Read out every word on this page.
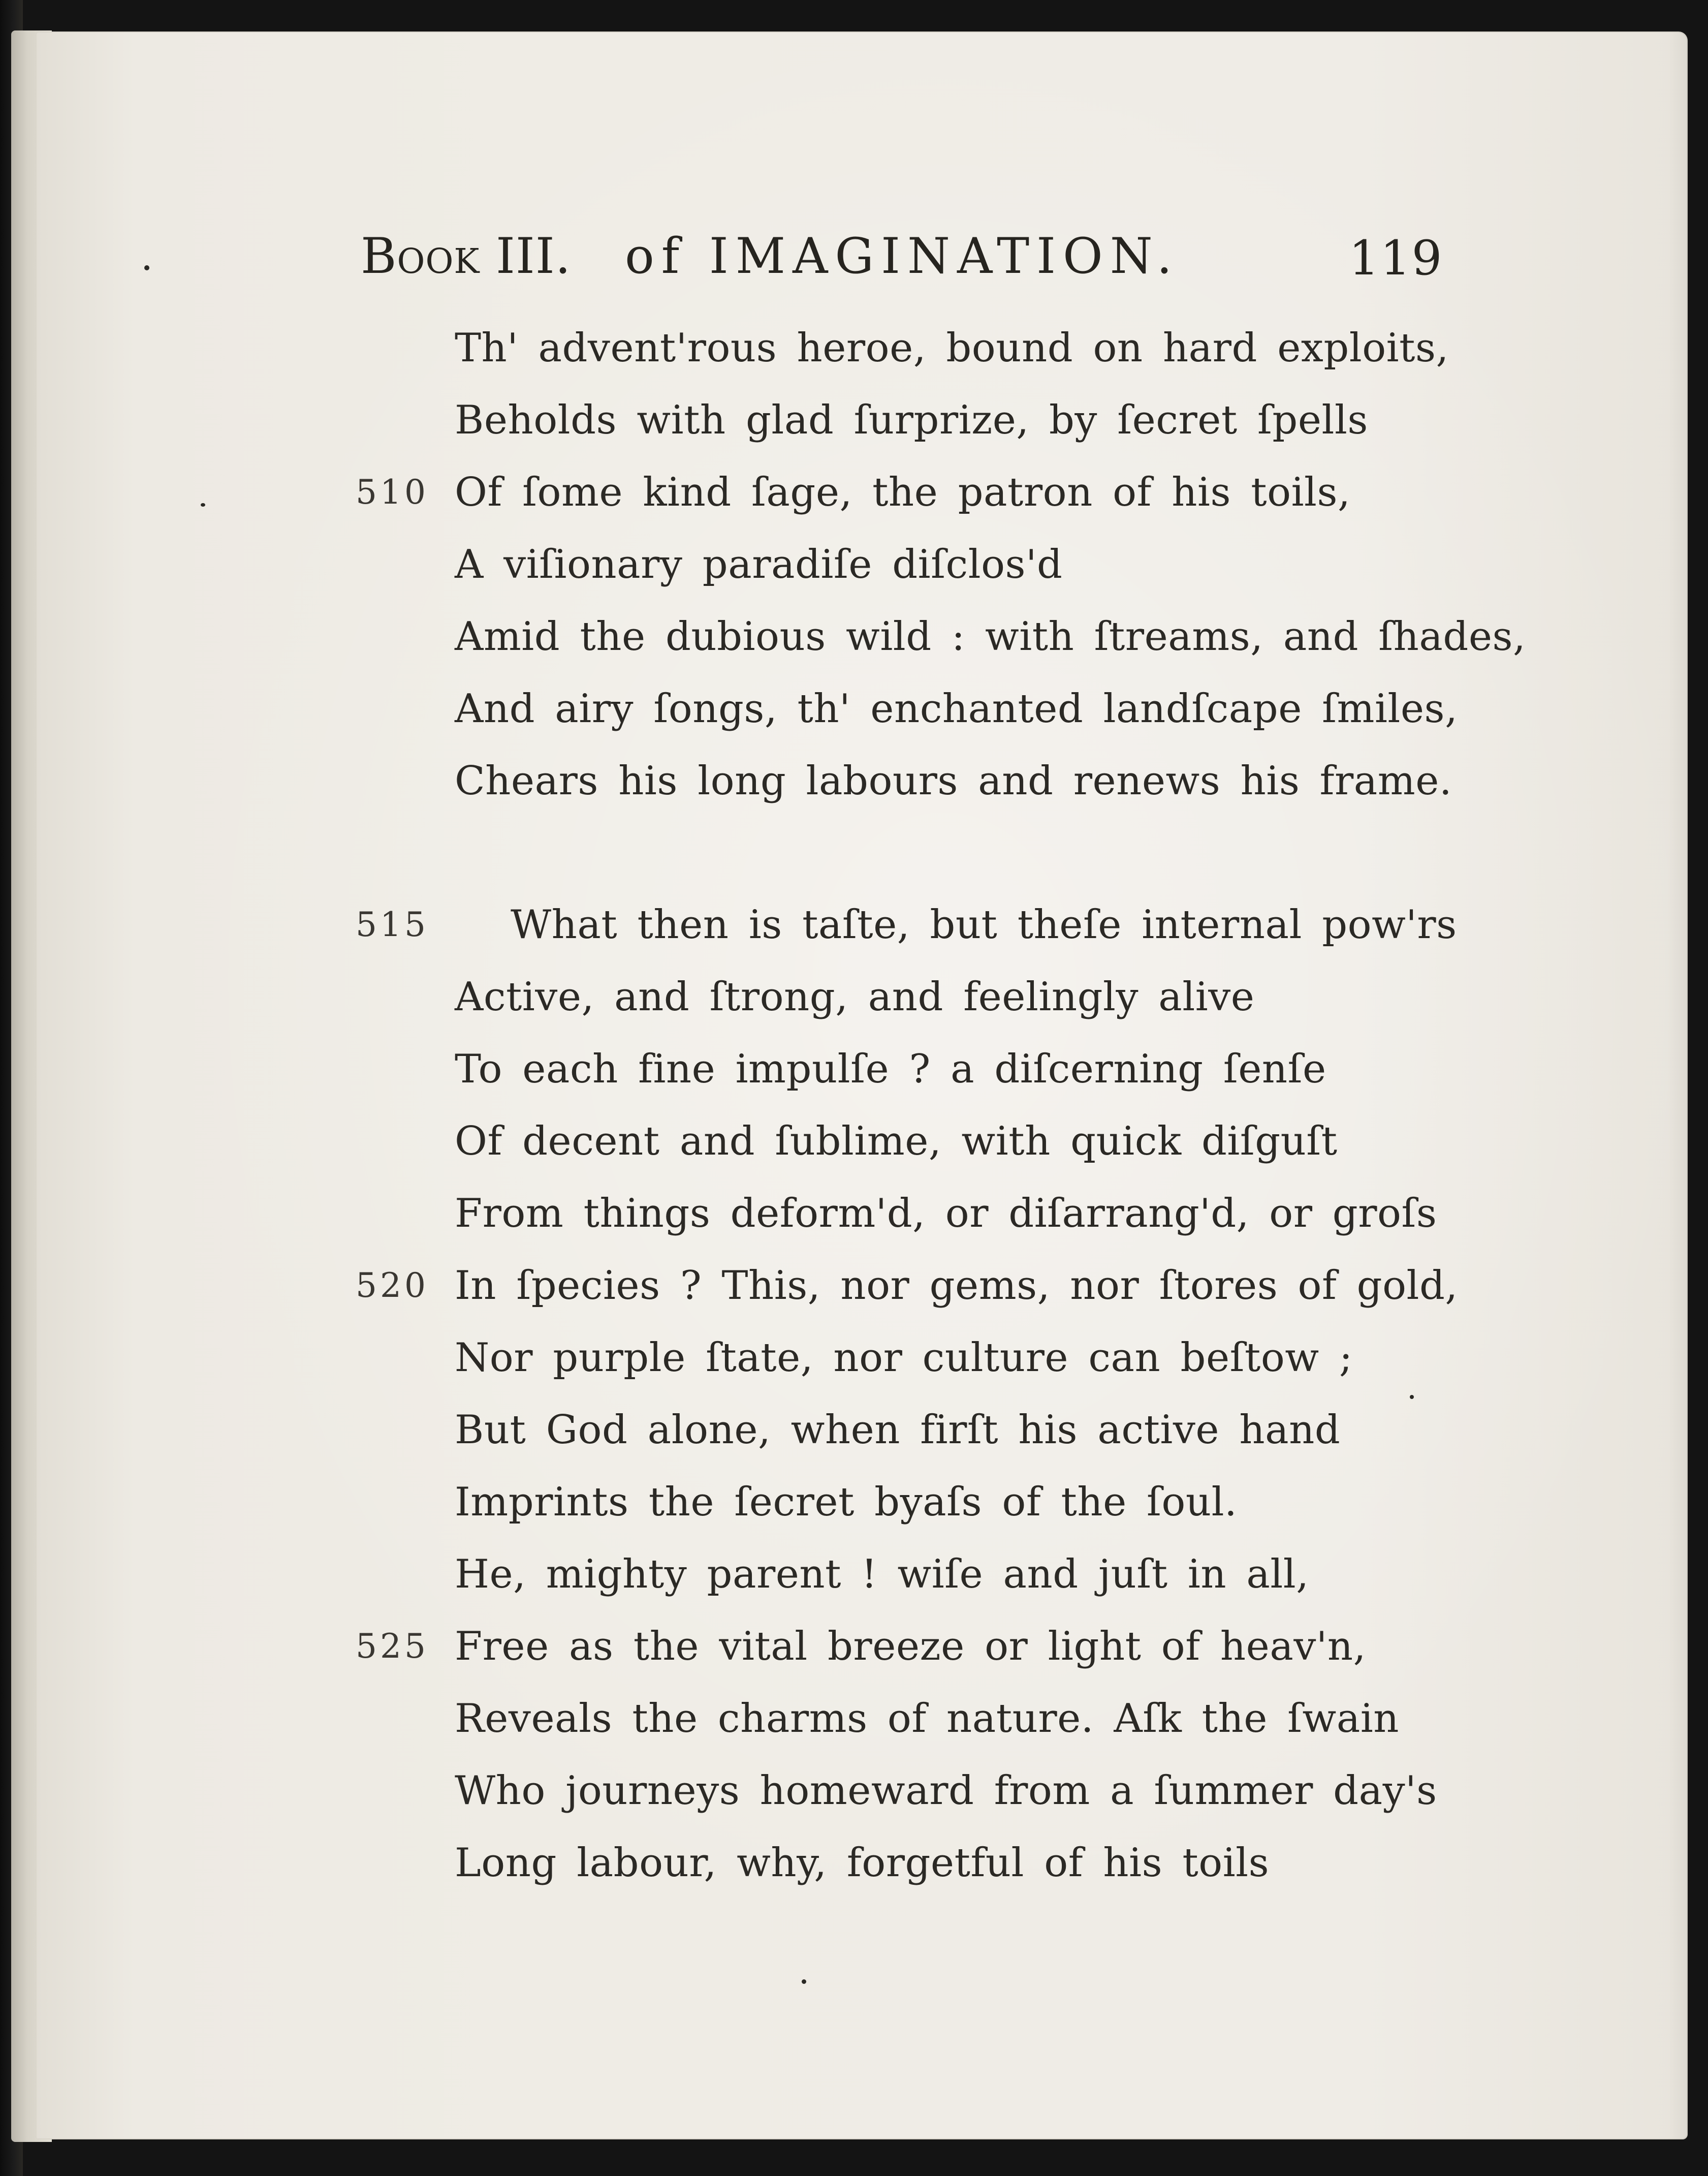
Book III. of IMAGINATION.	119
Th' advent'rous heroe, bound on hard exploits,
Beholds with glad ſurprize, by ſecret ſpells
510 Of ſome kind ſage, the patron of his toils,
A viſionary paradiſe diſclos'd
Amid the dubious wild : with ſtreams, and ſhades,
And airy ſongs, th' enchanted landſcape ſmiles,
Chears his long labours and renews his frame.
515 What then is taſte, but theſe internal pow'rs
Active, and ſtrong, and feelingly alive
To each fine impulſe ? a diſcerning ſenſe
Of decent and ſublime, with quick diſguſt
From things deform'd, or diſarrang'd, or groſs
520 In ſpecies ? This, nor gems, nor ſtores of gold,
Nor purple ſtate, nor culture can beſtow ;
But God alone, when firſt his active hand
Imprints the ſecret byaſs of the ſoul.
He, mighty parent ! wiſe and juſt in all,
525 Free as the vital breeze or light of heav'n,
Reveals the charms of nature. Aſk the ſwain
Who journeys homeward from a ſummer day's
Long labour, why, forgetful of his toils
